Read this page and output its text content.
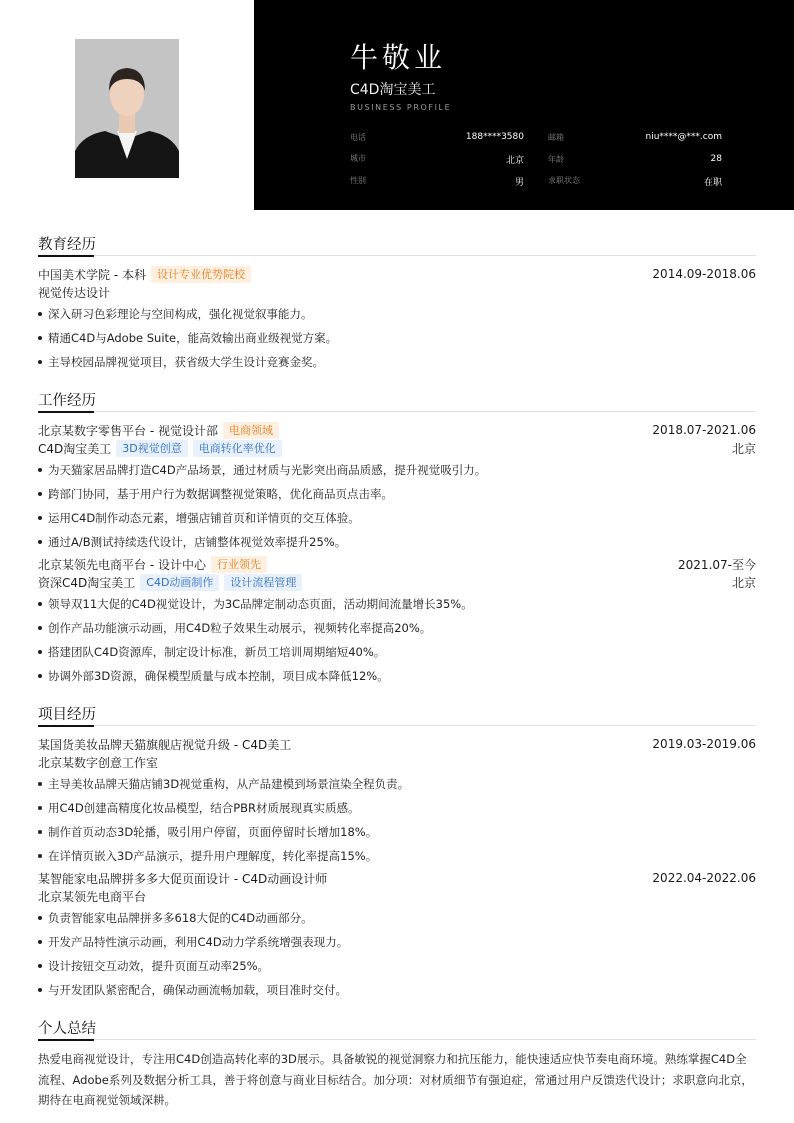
牛敬业
C4D淘宝美工
BUSINESS PROFILE
电话	188****3580	邮箱	niu****@***.com
城市	北京	年龄	28
性别	男	求职状态	在职
教育经历
中国美术学院 - 本科	设计专业优势院校	2014.09-2018.06
视觉传达设计
深入研习色彩理论与空间构成，强化视觉叙事能力。
精通C4D与Adobe Suite，能高效输出商业级视觉方案。
主导校园品牌视觉项目，获省级大学生设计竞赛金奖。
工作经历
北京某数字零售平台 - 视觉设计部	电商领域	2018.07-2021.06
C4D淘宝美工	3D视觉创意	电商转化率优化	北京
为天猫家居品牌打造C4D产品场景，通过材质与光影突出商品质感，提升视觉吸引力。
跨部门协同，基于用户行为数据调整视觉策略，优化商品页点击率。
运用C4D制作动态元素，增强店铺首页和详情页的交互体验。
通过A/B测试持续迭代设计，店铺整体视觉效率提升25%。
北京某领先电商平台 - 设计中心	行业领先	2021.07-至今
资深C4D淘宝美工	C4D动画制作	设计流程管理	北京
领导双11大促的C4D视觉设计，为3C品牌定制动态页面，活动期间流量增长35%。
创作产品功能演示动画，用C4D粒子效果生动展示，视频转化率提高20%。
搭建团队C4D资源库，制定设计标准，新员工培训周期缩短40%。
协调外部3D资源，确保模型质量与成本控制，项目成本降低12%。
项目经历
某国货美妆品牌天猫旗舰店视觉升级 - C4D美工	2019.03-2019.06
北京某数字创意工作室
主导美妆品牌天猫店铺3D视觉重构，从产品建模到场景渲染全程负责。
用C4D创建高精度化妆品模型，结合PBR材质展现真实质感。
制作首页动态3D轮播，吸引用户停留，页面停留时长增加18%。
在详情页嵌入3D产品演示，提升用户理解度，转化率提高15%。
某智能家电品牌拼多多大促页面设计 - C4D动画设计师	2022.04-2022.06
北京某领先电商平台
负责智能家电品牌拼多多618大促的C4D动画部分。
开发产品特性演示动画，利用C4D动力学系统增强表现力。
设计按钮交互动效，提升页面互动率25%。
与开发团队紧密配合，确保动画流畅加载，项目准时交付。
个人总结

热爱电商视觉设计，专注用C4D创造高转化率的3D展示。具备敏锐的视觉洞察力和抗压能力，能快速适应快节奏电商环境。熟练掌握C4D全流程、Adobe系列及数据分析工具，善于将创意与商业目标结合。加分项：对材质细节有强迫症，常通过用户反馈迭代设计；求职意向北京，期待在电商视觉领域深耕。
